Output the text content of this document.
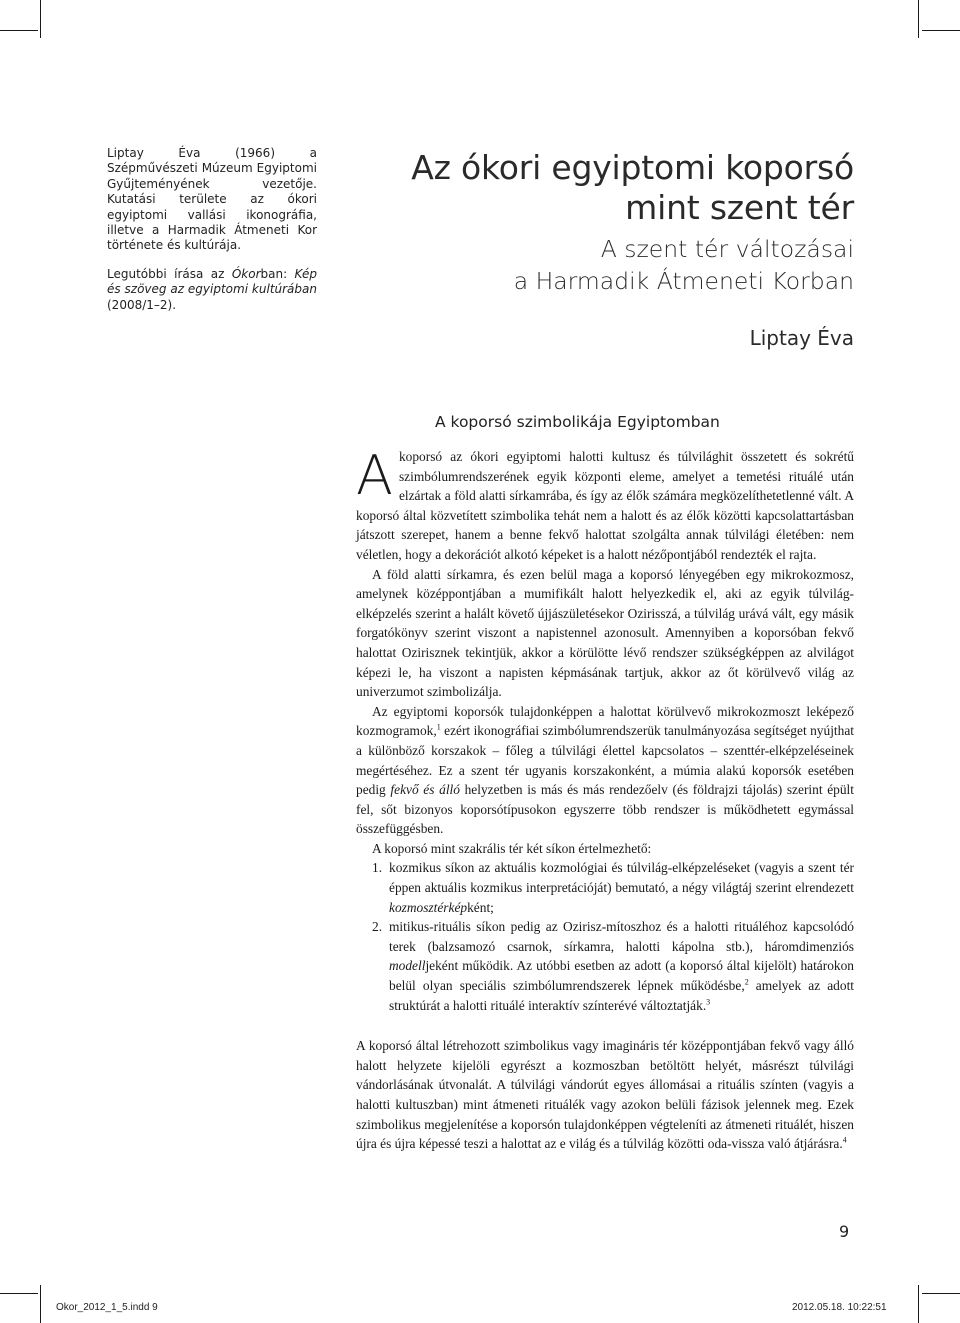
Liptay Éva (1966) a Szépművészeti Múzeum Egyiptomi Gyűjteményének vezetője. Kutatási területe az ókori egyiptomi vallási ikonográfia, illetve a Harmadik Átmeneti Kor története és kultúrája.

Legutóbbi írása az Ókorban: Kép és szöveg az egyiptomi kultúrában (2008/1–2).

Az ókori egyiptomi koporsó
mint szent tér
A szent tér változásai
a Harmadik Átmeneti Korban
Liptay Éva
A koporsó szimbolikája Egyiptomban

A koporsó az ókori egyiptomi halotti kultusz és túlvilághit összetett és sokrétű szimbólumrendszerének egyik központi eleme, amelyet a temetési rituálé után elzártak a föld alatti sírkamrába, és így az élők számára megközelíthetetlenné vált. A koporsó által közvetített szimbolika tehát nem a halott és az élők közötti kapcsolattartásban játszott szerepet, hanem a benne fekvő halottat szolgálta annak túlvilági életében: nem véletlen, hogy a dekorációt alkotó képeket is a halott nézőpontjából rendezték el rajta.

A föld alatti sírkamra, és ezen belül maga a koporsó lényegében egy mikrokozmosz, amelynek középpontjában a mumifikált halott helyezkedik el, aki az egyik túlvilág-elképzelés szerint a halált követő újjászületésekor Ozirisszá, a túlvilág urává vált, egy másik forgatókönyv szerint viszont a napistennel azonosult. Amennyiben a koporsóban fekvő halottat Ozirisznek tekintjük, akkor a körülötte lévő rendszer szükségképpen az alvilágot képezi le, ha viszont a napisten képmásának tartjuk, akkor az őt körülvevő világ az univerzumot szimbolizálja.

Az egyiptomi koporsók tulajdonképpen a halottat körülvevő mikrokozmoszt leképező kozmogramok,$^1$ ezért ikonográfiai szimbólumrendszerük tanulmányozása segítséget nyújthat a különböző korszakok – főleg a túlvilági élettel kapcsolatos – szenttér-elképzeléseinek megértéséhez. Ez a szent tér ugyanis korszakonként, a múmia alakú koporsók esetében pedig fekvő és álló helyzetben is más és más rendezőelv (és földrajzi tájolás) szerint épült fel, sőt bizonyos koporsótípusokon egyszerre több rendszer is működhetett egymással összefüggésben.

A koporsó mint szakrális tér két síkon értelmezhető:

1. kozmikus síkon az aktuális kozmológiai és túlvilág-elképzeléseket (vagyis a szent tér éppen aktuális kozmikus interpretációját) bemutató, a négy világtáj szerint elrendezett kozmosztérképként;
2. mitikus-rituális síkon pedig az Ozirisz-mítoszhoz és a halotti rituáléhoz kapcsolódó terek (balzsamozó csarnok, sírkamra, halotti kápolna stb.), háromdimenziós modelljeként működik. Az utóbbi esetben az adott (a koporsó által kijelölt) határokon belül olyan speciális szimbólumrendszerek lépnek működésbe,$^2$ amelyek az adott struktúrát a halotti rituálé interaktív színterévé változtatják.$^3$

A koporsó által létrehozott szimbolikus vagy imagináris tér középpontjában fekvő vagy álló halott helyzete kijelöli egyrészt a kozmoszban betöltött helyét, másrészt túlvilági vándorlásának útvonalát. A túlvilági vándorút egyes állomásai a rituális színten (vagyis a halotti kultuszban) mint átmeneti rituálék vagy azokon belüli fázisok jelennek meg. Ezek szimbolikus megjelenítése a koporsón tulajdonképpen végteleníti az átmeneti rituálét, hiszen újra és újra képessé teszi a halottat az e világ és a túlvilág közötti oda-vissza való átjárásra.$^4$

9
Okor_2012_1_5.indd 9	2012.05.18. 10:22:51
